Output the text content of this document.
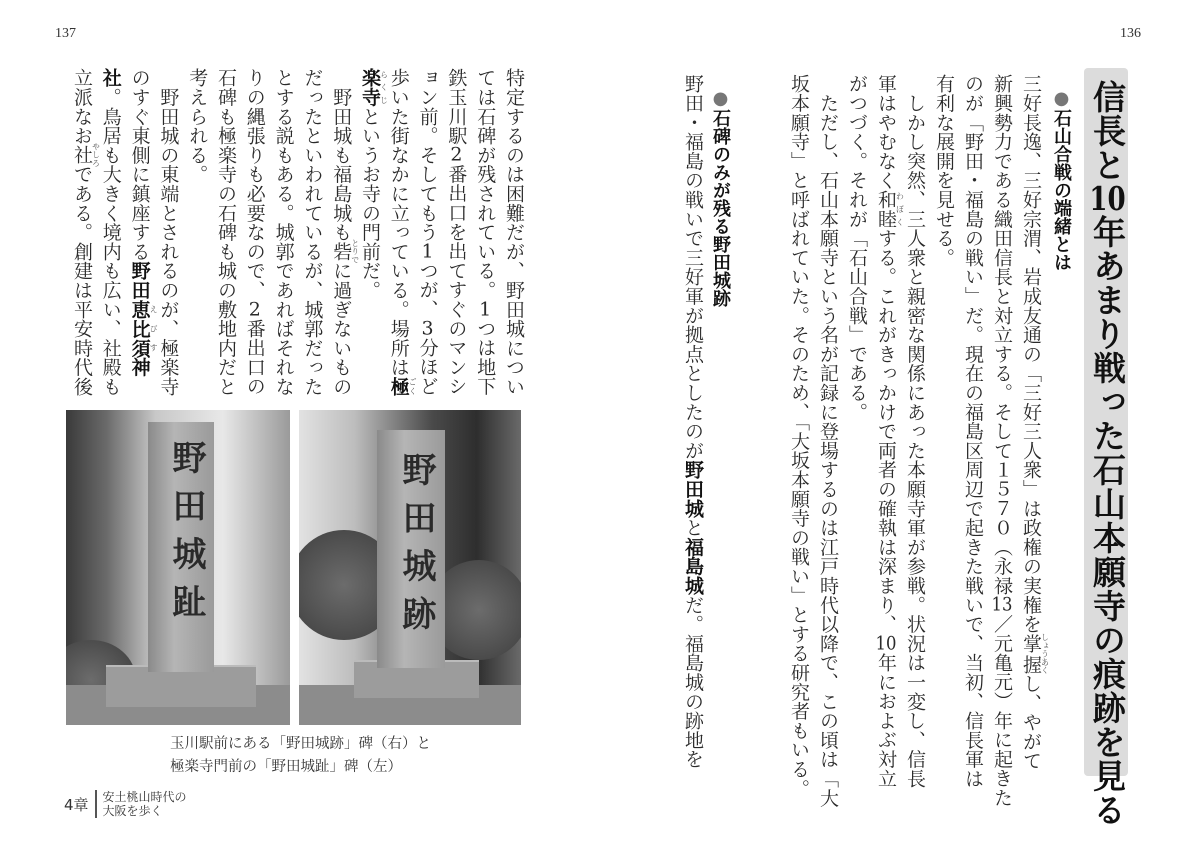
137	136
信長と10年あまり戦った石山本願寺の痕跡を見る
●石山合戦の端緒とは
●石碑のみが残る野田城跡	三好長逸、三好宗渭、岩成友通の「三好三人衆」は政権の実権を掌握しょうあくし、やがて
新興勢力である織田信長と対立する。そして１５７０（永禄13／元亀元）年に起きた
のが「野田・福島の戦い」だ。現在の福島区周辺で起きた戦いで、当初、信長軍は
有利な展開を見せる。
　しかし突然、三人衆と親密な関係にあった本願寺軍が参戦。状況は一変し、信長
軍はやむなく和睦わぼくする。これがきっかけで両者の確執は深まり、10年におよぶ対立
がつづく。それが「石山合戦」である。
　ただし、石山本願寺という名が記録に登場するのは江戸時代以降で、この頃は「大
坂本願寺」と呼ばれていた。そのため、「大坂本願寺の戦い」とする研究者もいる。
野田・福島の戦いで三好軍が拠点としたのが野田城と福島城だ。福島城の跡地を
特定するのは困難だが、野田城につい
ては石碑が残されている。1つは地下
鉄玉川駅2番出口を出てすぐのマンシ
ョン前。そしてもう1つが、3分ほど
歩いた街なかに立っている。場所は極ごく
楽寺らくじというお寺の門前だ。
　野田城も福島城も砦とりでに過ぎないもの
だったといわれているが、城郭だった
とする説もある。城郭であればそれな
りの縄張りも必要なので、2番出口の
石碑も極楽寺の石碑も城の敷地内だと
考えられる。
　野田城の東端とされるのが、極楽寺
のすぐ東側に鎮座する野田恵比須えびす神
社。鳥居も大きく境内も広い、社殿も
立派なお社やしろである。創建は平安時代後
野田城趾	野田城跡
玉川駅前にある「野田城跡」碑（右）と
極楽寺門前の「野田城趾」碑（左）
4章	安土桃山時代の
大阪を歩く
